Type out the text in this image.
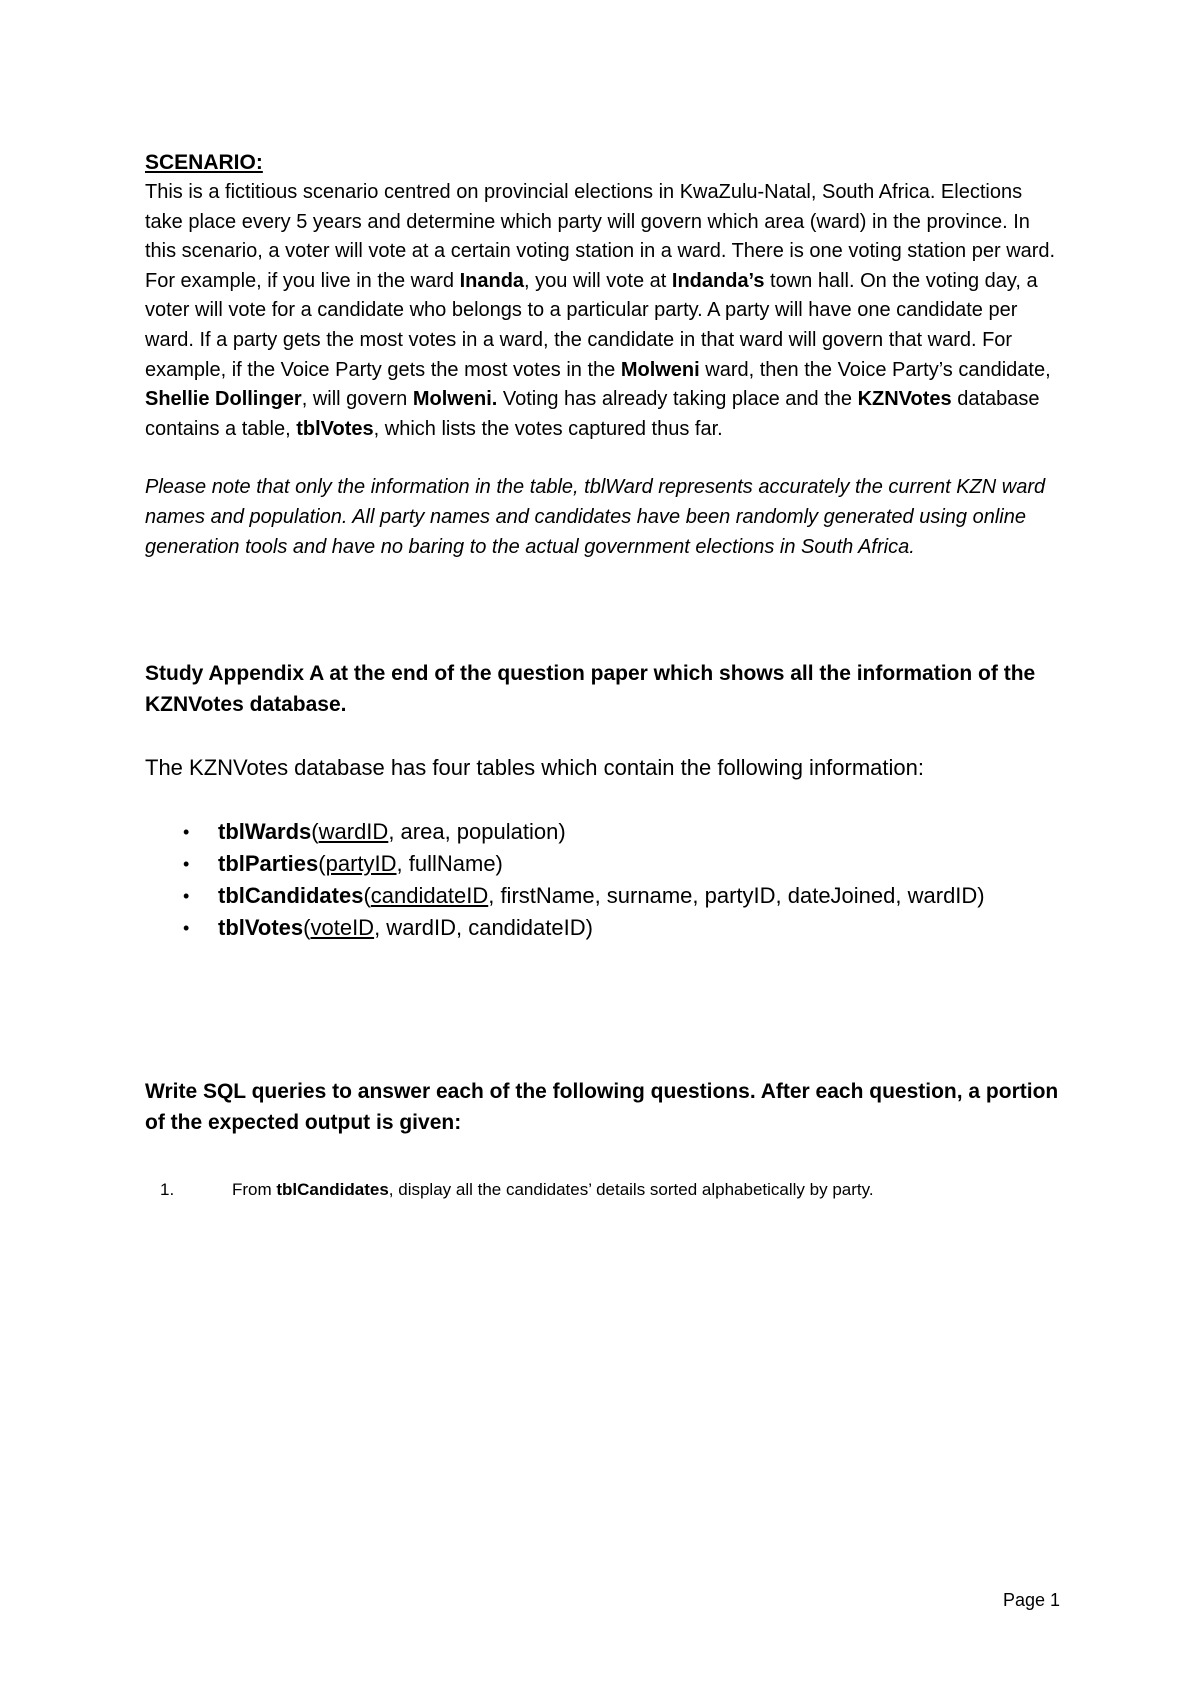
SCENARIO:

This is a fictitious scenario centred on provincial elections in KwaZulu-Natal, South Africa. Elections take place every 5 years and determine which party will govern which area (ward) in the province. In this scenario, a voter will vote at a certain voting station in a ward. There is one voting station per ward. For example, if you live in the ward Inanda, you will vote at Indanda’s town hall. On the voting day, a voter will vote for a candidate who belongs to a particular party. A party will have one candidate per ward. If a party gets the most votes in a ward, the candidate in that ward will govern that ward. For example, if the Voice Party gets the most votes in the Molweni ward, then the Voice Party’s candidate, Shellie Dollinger, will govern Molweni. Voting has already taking place and the KZNVotes database contains a table, tblVotes, which lists the votes captured thus far.

Please note that only the information in the table, tblWard represents accurately the current KZN ward names and population. All party names and candidates have been randomly generated using online generation tools and have no baring to the actual government elections in South Africa.

Study Appendix A at the end of the question paper which shows all the information of the KZNVotes database.

The KZNVotes database has four tables which contain the following information:

• tblWards(wardID, area, population)
• tblParties(partyID, fullName)
• tblCandidates(candidateID, firstName, surname, partyID, dateJoined, wardID)
• tblVotes(voteID, wardID, candidateID)

Write SQL queries to answer each of the following questions. After each question, a portion of the expected output is given:

1.	From tblCandidates, display all the candidates’ details sorted alphabetically by party.
Page 1
